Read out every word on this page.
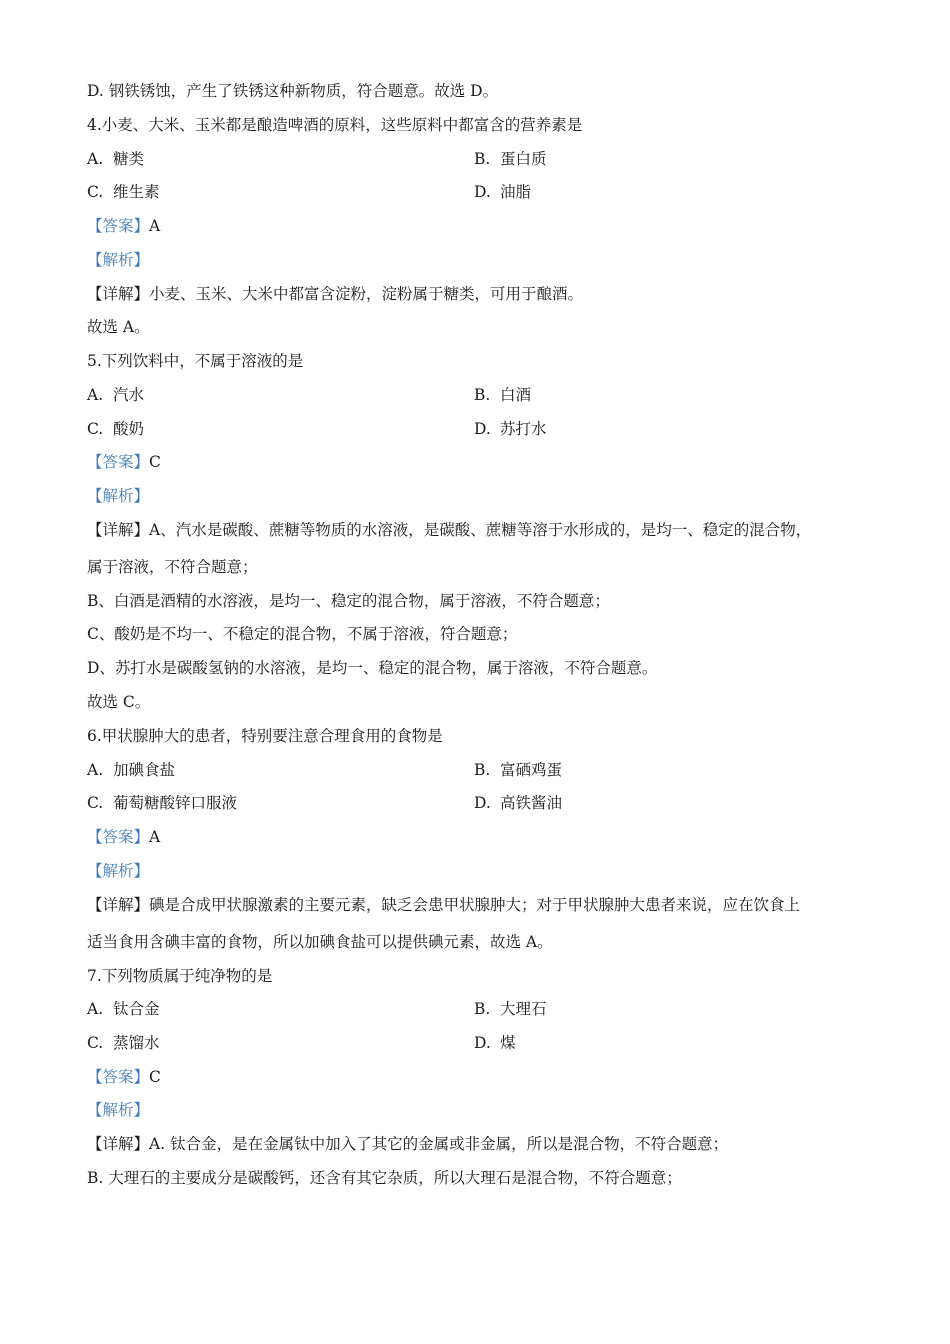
D. 钢铁锈蚀，产生了铁锈这种新物质，符合题意。故选 D。
4.小麦、大米、玉米都是酿造啤酒的原料，这些原料中都富含的营养素是
A. 糖类	B. 蛋白质
C. 维生素	D. 油脂
【答案】A
【解析】
【详解】小麦、玉米、大米中都富含淀粉，淀粉属于糖类，可用于酿酒。
故选 A。
5.下列饮料中，不属于溶液的是
A. 汽水	B. 白酒
C. 酸奶	D. 苏打水
【答案】C
【解析】
【详解】A、汽水是碳酸、蔗糖等物质的水溶液，是碳酸、蔗糖等溶于水形成的，是均一、稳定的混合物，
属于溶液，不符合题意；
B、白酒是酒精的水溶液，是均一、稳定的混合物，属于溶液，不符合题意；
C、酸奶是不均一、不稳定的混合物，不属于溶液，符合题意；
D、苏打水是碳酸氢钠的水溶液，是均一、稳定的混合物，属于溶液，不符合题意。
故选 C。
6.甲状腺肿大的患者，特别要注意合理食用的食物是
A. 加碘食盐	B. 富硒鸡蛋
C. 葡萄糖酸锌口服液	D. 高铁酱油
【答案】A
【解析】
【详解】碘是合成甲状腺激素的主要元素，缺乏会患甲状腺肿大；对于甲状腺肿大患者来说，应在饮食上
适当食用含碘丰富的食物，所以加碘食盐可以提供碘元素，故选 A。
7.下列物质属于纯净物的是
A. 钛合金	B. 大理石
C. 蒸馏水	D. 煤
【答案】C
【解析】
【详解】A. 钛合金，是在金属钛中加入了其它的金属或非金属，所以是混合物，不符合题意；
B. 大理石的主要成分是碳酸钙，还含有其它杂质，所以大理石是混合物，不符合题意；
